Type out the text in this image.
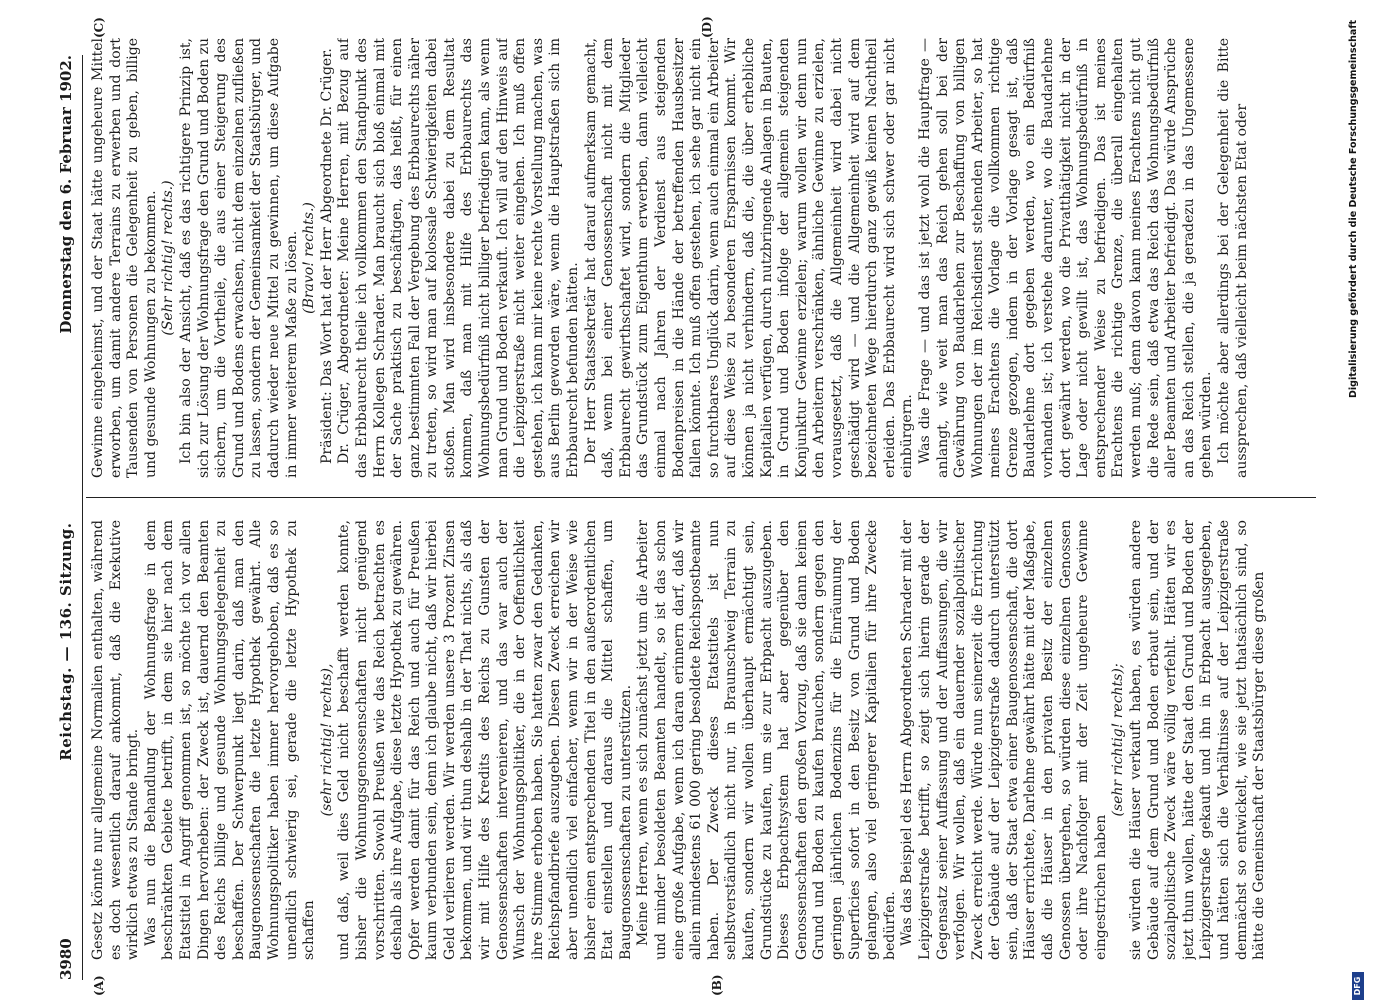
3980
Reichstag. — 136. Sitzung.
Donnerstag den 6. Februar 1902.
(A)	(B)
(C)	(D)

Gesetz könnte nur allgemeine Normalien enthalten, während es doch wesentlich darauf ankommt, daß die Exekutive wirklich etwas zu Stande bringt. Was nun die Behandlung der Wohnungsfrage in dem beschränkten Gebiete betrifft, in dem sie hier nach dem Etatstitel in Angriff genommen ist, so möchte ich vor allen Dingen hervorheben: der Zweck ist, dauernd den Beamten des Reichs billige und gesunde Wohnungsgelegenheit zu beschaffen. Der Schwerpunkt liegt darin, daß man den Baugenossenschaften die letzte Hypothek gewährt. Alle Wohnungspolitiker haben immer hervorgehoben, daß es so unendlich schwierig sei, gerade die letzte Hypothek zu schaffen

(sehr richtig! rechts), und daß, weil dies Geld nicht beschafft werden konnte, bisher die Wohnungsgenossenschaften nicht genügend vorschritten. Sowohl Preußen wie das Reich betrachten es deshalb als ihre Aufgabe, diese letzte Hypothek zu gewähren. Opfer werden damit für das Reich und auch für Preußen kaum verbunden sein, denn ich glaube nicht, daß wir hierbei Geld verlieren werden. Wir werden unsere 3 Prozent Zinsen bekommen, und wir thun deshalb in der That nichts, als daß wir mit Hilfe des Kredits des Reichs zu Gunsten der Genossenschaften intervenieren, und das war auch der Wunsch der Wohnungspolitiker, die in der Oeffentlichkeit ihre Stimme erhoben haben. Sie hatten zwar den Gedanken, Reichspfandbriefe auszugeben. Diesen Zweck erreichen wir aber unendlich viel einfacher, wenn wir in der Weise wie bisher einen entsprechenden Titel in den außerordentlichen Etat einstellen und daraus die Mittel schaffen, um Baugenossenschaften zu unterstützen. Meine Herren, wenn es sich zunächst jetzt um die Arbeiter und minder besoldeten Beamten handelt, so ist das schon eine große Aufgabe, wenn ich daran erinnern darf, daß wir allein mindestens 61 000 gering besoldete Reichspostbeamte haben. Der Zweck dieses Etatstitels ist nun selbstverständlich nicht nur, in Braunschweig Terrain zu kaufen, sondern wir wollen überhaupt ermächtigt sein, Grundstücke zu kaufen, um sie zur Erbpacht auszugeben. Dieses Erbpachtsystem hat aber gegenüber den Genossenschaften den großen Vorzug, daß sie dann keinen Grund und Boden zu kaufen brauchen, sondern gegen den geringen jährlichen Bodenzins für die Einräumung der Superficies sofort in den Besitz von Grund und Boden gelangen, also viel geringerer Kapitalien für ihre Zwecke bedürfen. Was das Beispiel des Herrn Abgeordneten Schrader mit der Leipzigerstraße betrifft, so zeigt sich hierin gerade der Gegensatz seiner Auffassung und der Auffassungen, die wir verfolgen. Wir wollen, daß ein dauernder sozialpolitischer Zweck erreicht werde. Würde nun seinerzeit die Errichtung der Gebäude auf der Leipzigerstraße dadurch unterstützt sein, daß der Staat etwa einer Baugenossenschaft, die dort Häuser errichtete, Darlehne gewährt hätte mit der Maßgabe, daß die Häuser in den privaten Besitz der einzelnen Genossen übergehen, so würden diese einzelnen Genossen oder ihre Nachfolger mit der Zeit ungeheure Gewinne eingestrichen haben

(sehr richtig! rechts); sie würden die Häuser verkauft haben, es würden andere Gebäude auf dem Grund und Boden erbaut sein, und der sozialpolitische Zweck wäre völlig verfehlt. Hätten wir es jetzt thun wollen, hätte der Staat den Grund und Boden der Leipzigerstraße gekauft und ihn in Erbpacht ausgegeben, und hätten sich die Verhältnisse auf der Leipzigerstraße demnächst so entwickelt, wie sie jetzt thatsächlich sind, so hätte die Gemeinschaft der Staatsbürger diese großen

Gewinne eingeheimst, und der Staat hätte ungeheure Mittel erworben, um damit andere Terrains zu erwerben und dort Tausenden von Personen die Gelegenheit zu geben, billige und gesunde Wohnungen zu bekommen. (Sehr richtig! rechts.) Ich bin also der Ansicht, daß es das richtigere Prinzip ist, sich zur Lösung der Wohnungsfrage den Grund und Boden zu sichern, um die Vortheile, die aus einer Steigerung des Grund und Bodens erwachsen, nicht dem einzelnen zufließen zu lassen, sondern der Gemeinsamkeit der Staatsbürger, und dadurch wieder neue Mittel zu gewinnen, um diese Aufgabe in immer weiterem Maße zu lösen. (Bravo! rechts.) Präsident: Das Wort hat der Herr Abgeordnete Dr. Crüger. Dr. Crüger, Abgeordneter: Meine Herren, mit Bezug auf das Erbbaurecht theile ich vollkommen den Standpunkt des Herrn Kollegen Schrader. Man braucht sich bloß einmal mit der Sache praktisch zu beschäftigen, das heißt, für einen ganz bestimmten Fall der Vergebung des Erbbaurechts näher zu treten, so wird man auf kolossale Schwierigkeiten dabei stoßen. Man wird insbesondere dabei zu dem Resultat kommen, daß man mit Hilfe des Erbbaurechts das Wohnungsbedürfniß nicht billiger befriedigen kann, als wenn man Grund und Boden verkauft. Ich will auf den Hinweis auf die Leipzigerstraße nicht weiter eingehen. Ich muß offen gestehen, ich kann mir keine rechte Vorstellung machen, was aus Berlin geworden wäre, wenn die Hauptstraßen sich im Erbbaurecht befunden hätten. Der Herr Staatssekretär hat darauf aufmerksam gemacht, daß, wenn bei einer Genossenschaft nicht mit dem Erbbaurecht gewirthschaftet wird, sondern die Mitglieder das Grundstück zum Eigenthum erwerben, dann vielleicht einmal nach Jahren der Verdienst aus steigenden Bodenpreisen in die Hände der betreffenden Hausbesitzer fallen könnte. Ich muß offen gestehen, ich sehe gar nicht ein so furchtbares Unglück darin, wenn auch einmal ein Arbeiter auf diese Weise zu besonderen Ersparnissen kommt. Wir können ja nicht verhindern, daß die, die über erhebliche Kapitalien verfügen, durch nutzbringende Anlagen in Bauten, in Grund und Boden infolge der allgemein steigenden Konjunktur Gewinne erzielen; warum wollen wir denn nun den Arbeitern verschränken, ähnliche Gewinne zu erzielen, vorausgesetzt, daß die Allgemeinheit wird dabei nicht geschädigt wird — und die Allgemeinheit wird auf dem bezeichneten Wege hierdurch ganz gewiß keinen Nachtheil erleiden. Das Erbbaurecht wird sich schwer oder gar nicht einbürgern. Was die Frage — und das ist jetzt wohl die Hauptfrage — anlangt, wie weit man das Reich gehen soll bei der Gewährung von Baudarlehen zur Beschaffung von billigen Wohnungen der im Reichsdienst stehenden Arbeiter, so hat meines Erachtens die Vorlage die vollkommen richtige Grenze gezogen, indem in der Vorlage gesagt ist, daß Baudarlehne dort gegeben werden, wo ein Bedürfniß vorhanden ist; ich verstehe darunter, wo die Baudarlehne dort gewährt werden, wo die Privatthätigkeit nicht in der Lage oder nicht gewillt ist, das Wohnungsbedürfniß in entsprechender Weise zu befriedigen. Das ist meines Erachtens die richtige Grenze, die überall eingehalten werden muß; denn davon kann meines Erachtens nicht gut die Rede sein, daß etwa das Reich das Wohnungsbedürfniß aller Beamten und Arbeiter befriedigt. Das würde Ansprüche an das Reich stellen, die ja geradezu in das Ungemessene gehen würden. Ich möchte aber allerdings bei der Gelegenheit die Bitte aussprechen, daß vielleicht beim nächsten Etat oder	Digitalisierung gefördert durch die Deutsche Forschungsgemeinschaft
DFG
